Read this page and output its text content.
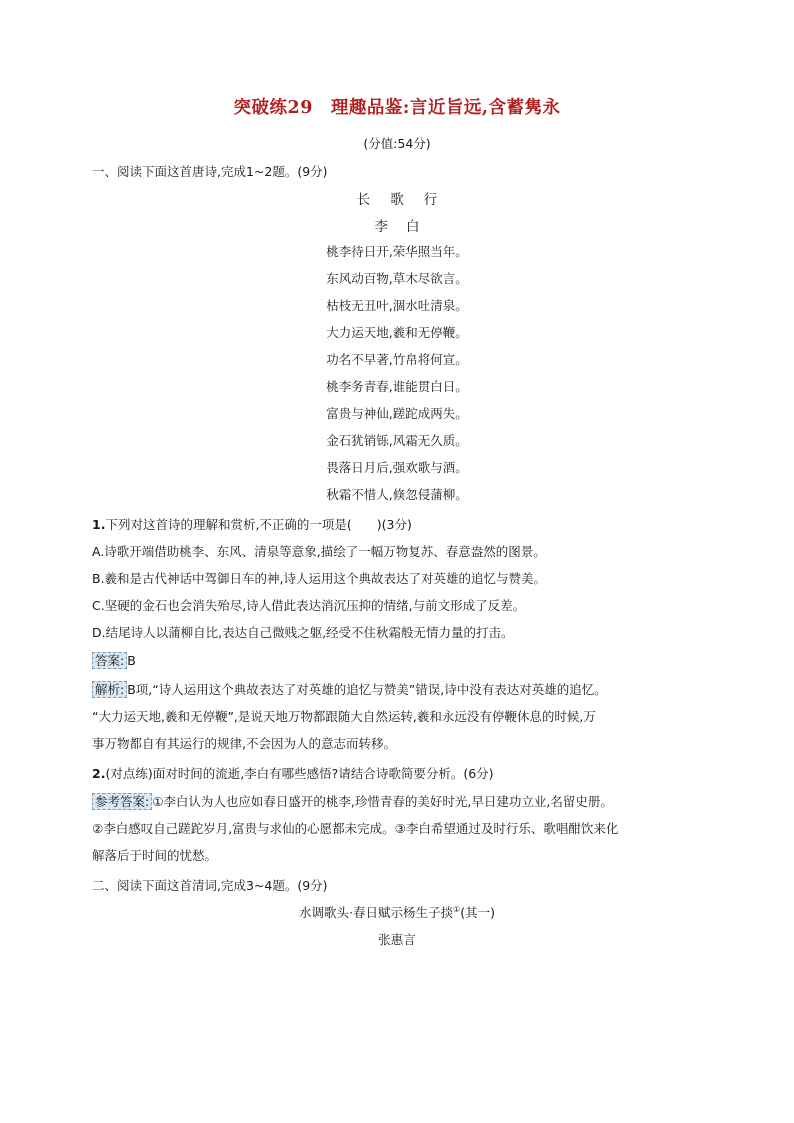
突破练29　理趣品鉴:言近旨远,含蓄隽永
(分值:54分)
一、阅读下面这首唐诗,完成1~2题。(9分)
长歌行
李白
桃李待日开,荣华照当年。
东风动百物,草木尽欲言。
枯枝无丑叶,涸水吐清泉。
大力运天地,羲和无停鞭。
功名不早著,竹帛将何宣。
桃李务青春,谁能贯白日。
富贵与神仙,蹉跎成两失。
金石犹销铄,风霜无久质。
畏落日月后,强欢歌与酒。
秋霜不惜人,倏忽侵蒲柳。
1.下列对这首诗的理解和赏析,不正确的一项是(　　)(3分)
A.诗歌开端借助桃李、东风、清泉等意象,描绘了一幅万物复苏、春意盎然的图景。
B.羲和是古代神话中驾御日车的神,诗人运用这个典故表达了对英雄的追忆与赞美。
C.坚硬的金石也会消失殆尽,诗人借此表达消沉压抑的情绪,与前文形成了反差。
D.结尾诗人以蒲柳自比,表达自己微贱之躯,经受不住秋霜般无情力量的打击。
答案: B
解析: B项,“诗人运用这个典故表达了对英雄的追忆与赞美”错误,诗中没有表达对英雄的追忆。
“大力运天地,羲和无停鞭”,是说天地万物都跟随大自然运转,羲和永远没有停鞭休息的时候,万
事万物都自有其运行的规律,不会因为人的意志而转移。
2.(对点练)面对时间的流逝,李白有哪些感悟?请结合诗歌简要分析。(6分)
参考答案: ①李白认为人也应如春日盛开的桃李,珍惜青春的美好时光,早日建功立业,名留史册。
②李白感叹自己蹉跎岁月,富贵与求仙的心愿都未完成。③李白希望通过及时行乐、歌唱酣饮来化
解落后于时间的忧愁。
二、阅读下面这首清词,完成3~4题。(9分)
水调歌头·春日赋示杨生子掞①(其一)
张惠言
